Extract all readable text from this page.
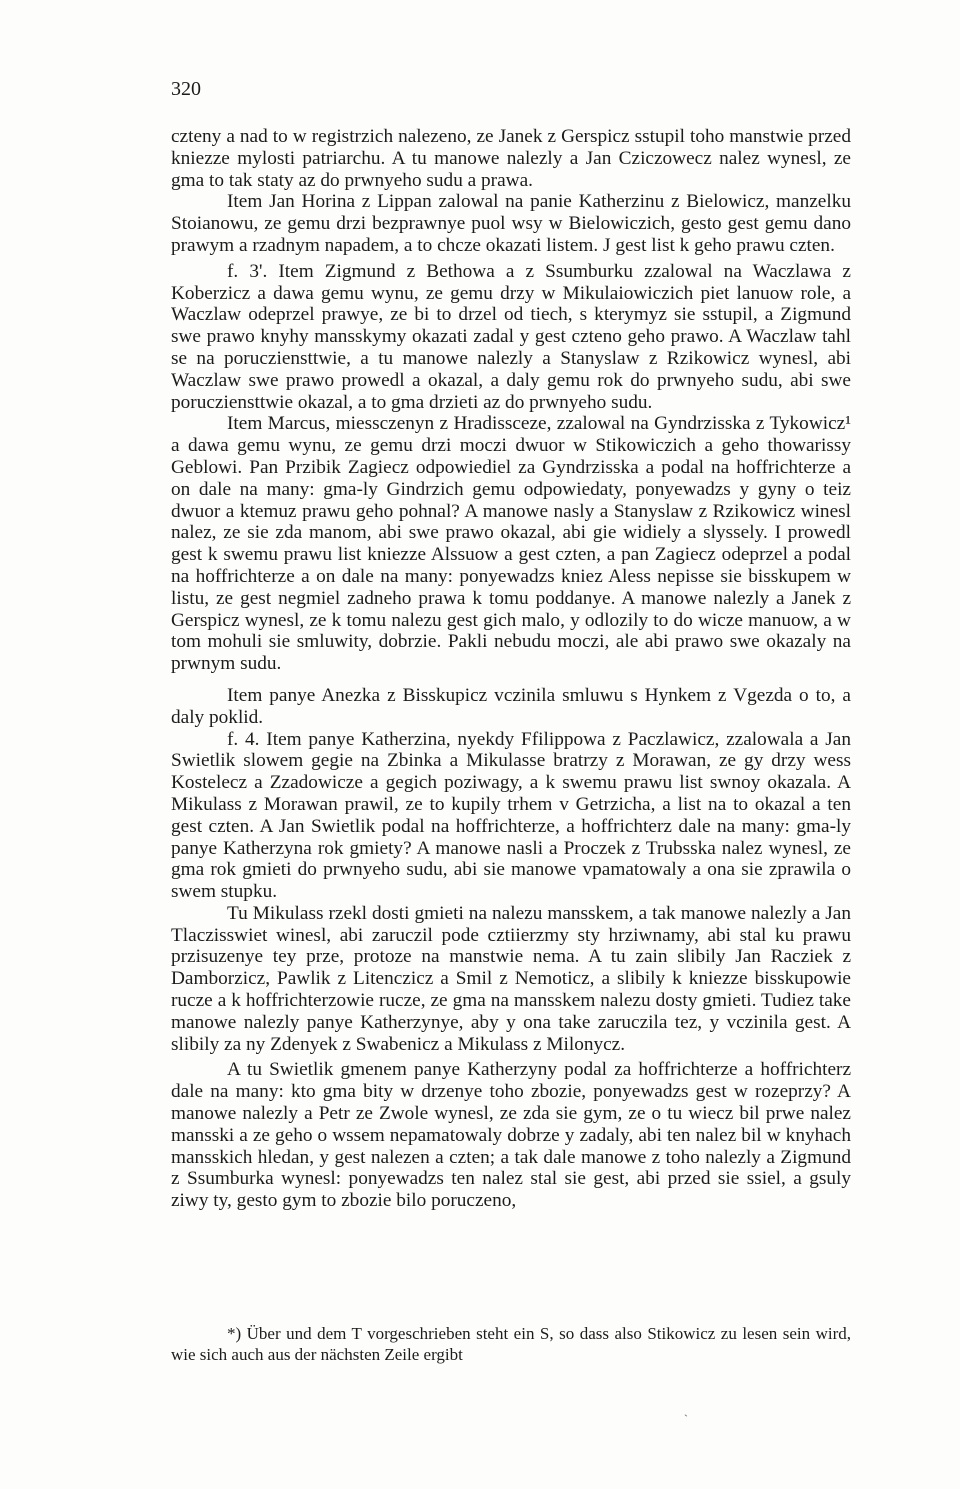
320

czteny a nad to w registrzich nalezeno, ze Janek z Gerspicz sstupil toho manstwie przed kniezze mylosti patriarchu. A tu manowe nalezly a Jan Cziczowecz nalez wynesl, ze gma to tak staty az do prwnyeho sudu a prawa.

Item Jan Horina z Lippan zalowal na panie Katherzinu z Bielowicz, manzelku Stoianowu, ze gemu drzi bezprawnye puol wsy w Bielowiczich, gesto gest gemu dano prawym a rzadnym napadem, a to chcze okazati listem. J gest list k geho prawu czten.

f. 3'. Item Zigmund z Bethowa a z Ssumburku zzalowal na Waczlawa z Koberzicz a dawa gemu wynu, ze gemu drzy w Mikulaiowiczich piet lanuow role, a Waczlaw odeprzel prawye, ze bi to drzel od tiech, s kterymyz sie sstupil, a Zigmund swe prawo knyhy mansskymy okazati zadal y gest czteno geho prawo. A Waczlaw tahl se na porucziensttwie, a tu manowe nalezly a Stanyslaw z Rzikowicz wynesl, abi Waczlaw swe prawo prowedl a okazal, a daly gemu rok do prwnyeho sudu, abi swe porucziensttwie okazal, a to gma drzieti az do prwnyeho sudu.

Item Marcus, miessczenyn z Hradissceze, zzalowal na Gyndrzisska z Tykowicz¹ a dawa gemu wynu, ze gemu drzi moczi dwuor w Stikowiczich a geho thowarissy Geblowi. Pan Przibik Zagiecz odpowiediel za Gyndrzisska a podal na hoffrichterze a on dale na many: gma-ly Gindrzich gemu odpowiedaty, ponyewadzs y gyny o teiz dwuor a ktemuz prawu geho pohnal? A manowe nasly a Stanyslaw z Rzikowicz winesl nalez, ze sie zda manom, abi swe prawo okazal, abi gie widiely a slyssely. I prowedl gest k swemu prawu list kniezze Alssuow a gest czten, a pan Zagiecz odeprzel a podal na hoffrichterze a on dale na many: ponyewadzs kniez Aless nepisse sie bisskupem w listu, ze gest negmiel zadneho prawa k tomu poddanye. A manowe nalezly a Janek z Gerspicz wynesl, ze k tomu nalezu gest gich malo, y odlozily to do wicze manuow, a w tom mohuli sie smluwity, dobrzie. Pakli nebudu moczi, ale abi prawo swe okazaly na prwnym sudu.

Item panye Anezka z Bisskupicz vczinila smluwu s Hynkem z Vgezda o to, a daly poklid.

f. 4. Item panye Katherzina, nyekdy Ffilippowa z Paczlawicz, zzalowala a Jan Swietlik slowem gegie na Zbinka a Mikulasse bratrzy z Morawan, ze gy drzy wess Kostelecz a Zzadowicze a gegich poziwagy, a k swemu prawu list swnoy okazala. A Mikulass z Morawan prawil, ze to kupily trhem v Getrzicha, a list na to okazal a ten gest czten. A Jan Swietlik podal na hoffrichterze, a hoffrichterz dale na many: gma-ly panye Katherzyna rok gmiety? A manowe nasli a Proczek z Trubsska nalez wynesl, ze gma rok gmieti do prwnyeho sudu, abi sie manowe vpamatowaly a ona sie zprawila o swem stupku.

Tu Mikulass rzekl dosti gmieti na nalezu mansskem, a tak manowe nalezly a Jan Tlaczisswiet winesl, abi zaruczil pode cztiierzmy sty hrziwnamy, abi stal ku prawu przisuzenye tey prze, protoze na manstwie nema. A tu zain slibily Jan Racziek z Damborzicz, Pawlik z Litenczicz a Smil z Nemoticz, a slibily k kniezze bisskupowie rucze a k hoffrichterzowie rucze, ze gma na mansskem nalezu dosty gmieti. Tudiez take manowe nalezly panye Katherzynye, aby y ona take zaruczila tez, y vczinila gest. A slibily za ny Zdenyek z Swabenicz a Mikulass z Milonycz.

A tu Swietlik gmenem panye Katherzyny podal za hoffrichterze a hoffrichterz dale na many: kto gma bity w drzenye toho zbozie, ponyewadzs gest w rozeprzy? A manowe nalezly a Petr ze Zwole wynesl, ze zda sie gym, ze o tu wiecz bil prwe nalez mansski a ze geho o wssem nepamatowaly dobrze y zadaly, abi ten nalez bil w knyhach mansskich hledan, y gest nalezen a czten; a tak dale manowe z toho nalezly a Zigmund z Ssumburka wynesl: ponyewadzs ten nalez stal sie gest, abi przed sie ssiel, a gsuly ziwy ty, gesto gym to zbozie bilo poruczeno,

*) Über und dem T vorgeschrieben steht ein S, so dass also Stikowicz zu lesen sein wird, wie sich auch aus der nächsten Zeile ergibt

ˎ
